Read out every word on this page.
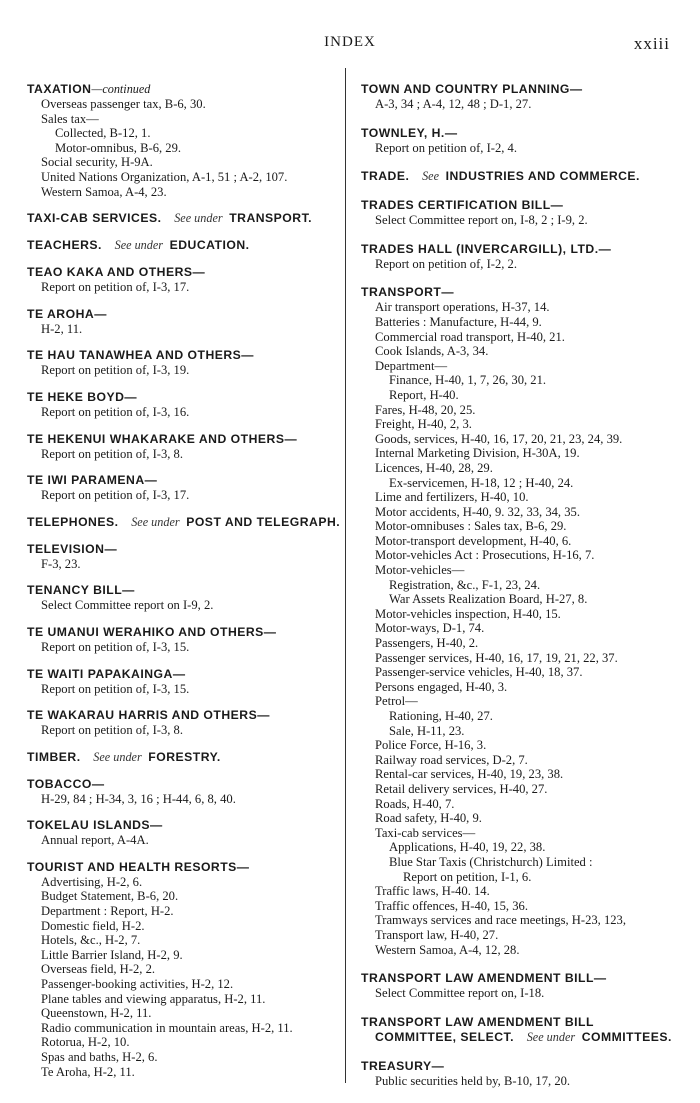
INDEX	xxiii
TAXATION—continued
Overseas passenger tax, B-6, 30.
Sales tax—
Collected, B-12, 1.
Motor-omnibus, B-6, 29.
Social security, H-9A.
United Nations Organization, A-1, 51 ; A-2, 107.
Western Samoa, A-4, 23.
TAXI-CAB SERVICES.  See under  TRANSPORT.
TEACHERS.  See under  EDUCATION.
TEAO KAKA AND OTHERS—
Report on petition of, I-3, 17.
TE AROHA—
H-2, 11.
TE HAU TANAWHEA AND OTHERS—
Report on petition of, I-3, 19.
TE HEKE BOYD—
Report on petition of, I-3, 16.
TE HEKENUI WHAKARAKE AND OTHERS—
Report on petition of, I-3, 8.
TE IWI PARAMENA—
Report on petition of, I-3, 17.
TELEPHONES.  See under  POST AND TELEGRAPH.
TELEVISION—
F-3, 23.
TENANCY BILL—
Select Committee report on I-9, 2.
TE UMANUI WERAHIKO AND OTHERS—
Report on petition of, I-3, 15.
TE WAITI PAPAKAINGA—
Report on petition of, I-3, 15.
TE WAKARAU HARRIS AND OTHERS—
Report on petition of, I-3, 8.
TIMBER.  See under  FORESTRY.
TOBACCO—
H-29, 84 ; H-34, 3, 16 ; H-44, 6, 8, 40.
TOKELAU ISLANDS—
Annual report, A-4A.
TOURIST AND HEALTH RESORTS—
Advertising, H-2, 6.
Budget Statement, B-6, 20.
Department : Report, H-2.
Domestic field, H-2.
Hotels, &c., H-2, 7.
Little Barrier Island, H-2, 9.
Overseas field, H-2, 2.
Passenger-booking activities, H-2, 12.
Plane tables and viewing apparatus, H-2, 11.
Queenstown, H-2, 11.
Radio communication in mountain areas, H-2, 11.
Rotorua, H-2, 10.
Spas and baths, H-2, 6.
Te Aroha, H-2, 11.
TOWN AND COUNTRY PLANNING—
A-3, 34 ; A-4, 12, 48 ; D-1, 27.
TOWNLEY, H.—
Report on petition of, I-2, 4.
TRADE.  See  INDUSTRIES AND COMMERCE.
TRADES CERTIFICATION BILL—
Select Committee report on, I-8, 2 ; I-9, 2.
TRADES HALL (INVERCARGILL), LTD.—
Report on petition of, I-2, 2.
TRANSPORT—
Air transport operations, H-37, 14.
Batteries : Manufacture, H-44, 9.
Commercial road transport, H-40, 21.
Cook Islands, A-3, 34.
Department—
Finance, H-40, 1, 7, 26, 30, 21.
Report, H-40.
Fares, H-48, 20, 25.
Freight, H-40, 2, 3.
Goods, services, H-40, 16, 17, 20, 21, 23, 24, 39.
Internal Marketing Division, H-30A, 19.
Licences, H-40, 28, 29.
Ex-servicemen, H-18, 12 ; H-40, 24.
Lime and fertilizers, H-40, 10.
Motor accidents, H-40, 9. 32, 33, 34, 35.
Motor-omnibuses : Sales tax, B-6, 29.
Motor-transport development, H-40, 6.
Motor-vehicles Act : Prosecutions, H-16, 7.
Motor-vehicles—
Registration, &c., F-1, 23, 24.
War Assets Realization Board, H-27, 8.
Motor-vehicles inspection, H-40, 15.
Motor-ways, D-1, 74.
Passengers, H-40, 2.
Passenger services, H-40, 16, 17, 19, 21, 22, 37.
Passenger-service vehicles, H-40, 18, 37.
Persons engaged, H-40, 3.
Petrol—
Rationing, H-40, 27.
Sale, H-11, 23.
Police Force, H-16, 3.
Railway road services, D-2, 7.
Rental-car services, H-40, 19, 23, 38.
Retail delivery services, H-40, 27.
Roads, H-40, 7.
Road safety, H-40, 9.
Taxi-cab services—
Applications, H-40, 19, 22, 38.
Blue Star Taxis (Christchurch) Limited :
Report on petition, I-1, 6.
Traffic laws, H-40. 14.
Traffic offences, H-40, 15, 36.
Tramways services and race meetings, H-23, 123,
Transport law, H-40, 27.
Western Samoa, A-4, 12, 28.
TRANSPORT LAW AMENDMENT BILL—
Select Committee report on, I-18.
TRANSPORT LAW AMENDMENT BILL COMMITTEE, SELECT.  See under  COMMITTEES.
TREASURY—
Public securities held by, B-10, 17, 20.
